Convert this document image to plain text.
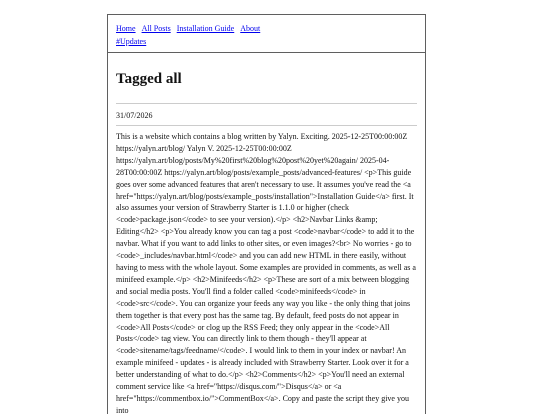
Home All Posts Installation Guide About
#Updates
Tagged all
31/07/2026

This is a website which contains a blog written by Yalyn. Exciting. 2025-12-25T00:00:00Z https://yalyn.art/blog/ Yalyn V. 2025-12-25T00:00:00Z https://yalyn.art/blog/posts/My%20first%20blog%20post%20yet%20again/ 2025-04-28T00:00:00Z https://yalyn.art/blog/posts/example_posts/advanced-features/ <p>This guide goes over some advanced features that aren't necessary to use. It assumes you've read the <a href="https://yalyn.art/blog/posts/example_posts/installation">Installation Guide</a> first. It also assumes your version of Strawberry Starter is 1.1.0 or higher (check <code>package.json</code> to see your version).</p> <h2>Navbar Links &amp; Editing</h2> <p>You already know you can tag a post <code>navbar</code> to add it to the navbar. What if you want to add links to other sites, or even images?<br> No worries - go to <code>_includes/navbar.html</code> and you can add new HTML in there easily, without having to mess with the whole layout. Some examples are provided in comments, as well as a minifeed example.</p> <h2>Minifeeds</h2> <p>These are sort of a mix between blogging and social media posts. You'll find a folder called <code>minifeeds</code> in <code>src</code>. You can organize your feeds any way you like - the only thing that joins them together is that every post has the same tag. By default, feed posts do not appear in <code>All Posts</code> or clog up the RSS Feed; they only appear in the <code>All Posts</code> tag view. You can directly link to them though - they'll appear at <code>sitename/tags/feedname/</code>. I would link to them in your index or navbar! An example minifeed - updates - is already included with Strawberry Starter. Look over it for a better understanding of what to do.</p> <h2>Comments</h2> <p>You'll need an external comment service like <a href="https://disqus.com/">Disqus</a> or <a href="https://commentbox.io/">CommentBox</a>. Copy and paste the script they give you into
